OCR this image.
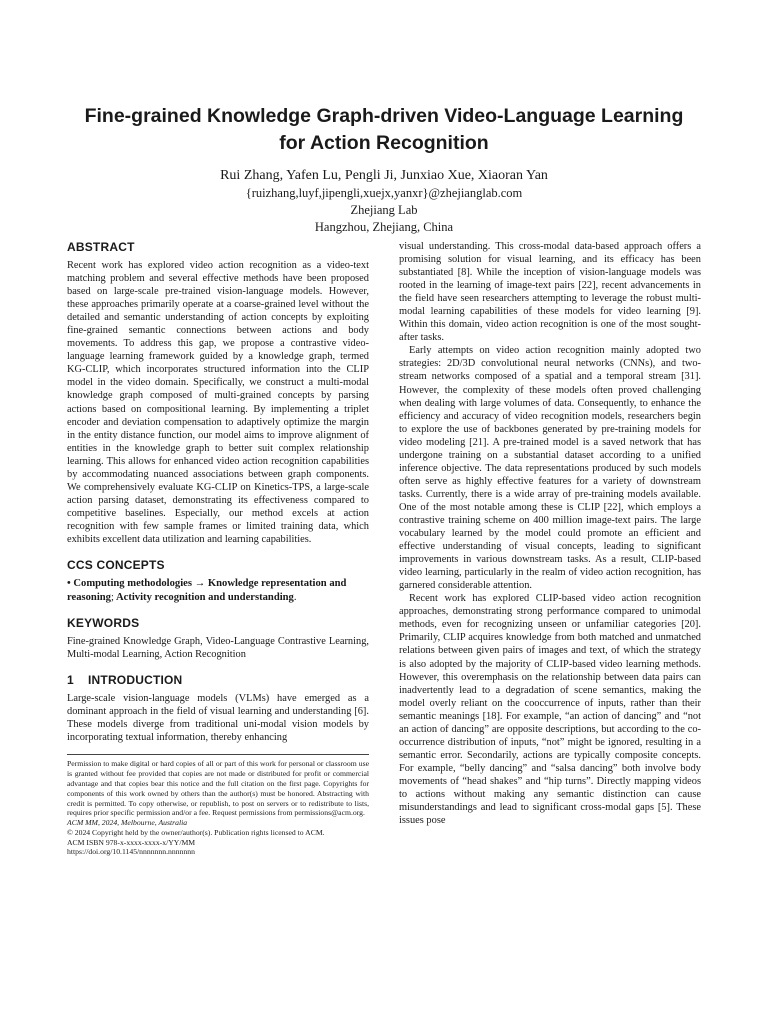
Fine-grained Knowledge Graph-driven Video-Language Learning
for Action Recognition
Rui Zhang, Yafen Lu, Pengli Ji, Junxiao Xue, Xiaoran Yan
{ruizhang,luyf,jipengli,xuejx,yanxr}@zhejianglab.com
Zhejiang Lab
Hangzhou, Zhejiang, China
ABSTRACT
Recent work has explored video action recognition as a video-text matching problem and several effective methods have been proposed based on large-scale pre-trained vision-language models. However, these approaches primarily operate at a coarse-grained level without the detailed and semantic understanding of action concepts by exploiting fine-grained semantic connections between actions and body movements. To address this gap, we propose a contrastive video-language learning framework guided by a knowledge graph, termed KG-CLIP, which incorporates structured information into the CLIP model in the video domain. Specifically, we construct a multi-modal knowledge graph composed of multi-grained concepts by parsing actions based on compositional learning. By implementing a triplet encoder and deviation compensation to adaptively optimize the margin in the entity distance function, our model aims to improve alignment of entities in the knowledge graph to better suit complex relationship learning. This allows for enhanced video action recognition capabilities by accommodating nuanced associations between graph components. We comprehensively evaluate KG-CLIP on Kinetics-TPS, a large-scale action parsing dataset, demonstrating its effectiveness compared to competitive baselines. Especially, our method excels at action recognition with few sample frames or limited training data, which exhibits excellent data utilization and learning capabilities.
CCS CONCEPTS
• Computing methodologies → Knowledge representation and reasoning; Activity recognition and understanding.
KEYWORDS
Fine-grained Knowledge Graph, Video-Language Contrastive Learning, Multi-modal Learning, Action Recognition
1    INTRODUCTION
Large-scale vision-language models (VLMs) have emerged as a dominant approach in the field of visual learning and understanding [6]. These models diverge from traditional uni-modal vision models by incorporating textual information, thereby enhancing
Permission to make digital or hard copies of all or part of this work for personal or classroom use is granted without fee provided that copies are not made or distributed for profit or commercial advantage and that copies bear this notice and the full citation on the first page. Copyrights for components of this work owned by others than the author(s) must be honored. Abstracting with credit is permitted. To copy otherwise, or republish, to post on servers or to redistribute to lists, requires prior specific permission and/or a fee. Request permissions from permissions@acm.org.
ACM MM, 2024, Melbourne, Australia
© 2024 Copyright held by the owner/author(s). Publication rights licensed to ACM.
ACM ISBN 978-x-xxxx-xxxx-x/YY/MM
https://doi.org/10.1145/nnnnnnn.nnnnnnn
visual understanding. This cross-modal data-based approach offers a promising solution for visual learning, and its efficacy has been substantiated [8]. While the inception of vision-language models was rooted in the learning of image-text pairs [22], recent advancements in the field have seen researchers attempting to leverage the robust multi-modal learning capabilities of these models for video learning [9]. Within this domain, video action recognition is one of the most sought-after tasks.
Early attempts on video action recognition mainly adopted two strategies: 2D/3D convolutional neural networks (CNNs), and two-stream networks composed of a spatial and a temporal stream [31]. However, the complexity of these models often proved challenging when dealing with large volumes of data. Consequently, to enhance the efficiency and accuracy of video recognition models, researchers begin to explore the use of backbones generated by pre-training models for video modeling [21]. A pre-trained model is a saved network that has undergone training on a substantial dataset according to a unified inference objective. The data representations produced by such models often serve as highly effective features for a variety of downstream tasks. Currently, there is a wide array of pre-training models available. One of the most notable among these is CLIP [22], which employs a contrastive training scheme on 400 million image-text pairs. The large vocabulary learned by the model could promote an efficient and effective understanding of visual concepts, leading to significant improvements in various downstream tasks. As a result, CLIP-based video learning, particularly in the realm of video action recognition, has garnered considerable attention.
Recent work has explored CLIP-based video action recognition approaches, demonstrating strong performance compared to unimodal methods, even for recognizing unseen or unfamiliar categories [20]. Primarily, CLIP acquires knowledge from both matched and unmatched relations between given pairs of images and text, of which the strategy is also adopted by the majority of CLIP-based video learning methods. However, this overemphasis on the relationship between data pairs can inadvertently lead to a degradation of scene semantics, making the model overly reliant on the cooccurrence of inputs, rather than their semantic meanings [18]. For example, “an action of dancing” and “not an action of dancing” are opposite descriptions, but according to the co-occurrence distribution of inputs, “not” might be ignored, resulting in a semantic error. Secondarily, actions are typically composite concepts. For example, “belly dancing” and “salsa dancing” both involve body movements of “head shakes” and “hip turns”. Directly mapping videos to actions without making any semantic distinction can cause misunderstandings and lead to significant cross-modal gaps [5]. These issues pose
